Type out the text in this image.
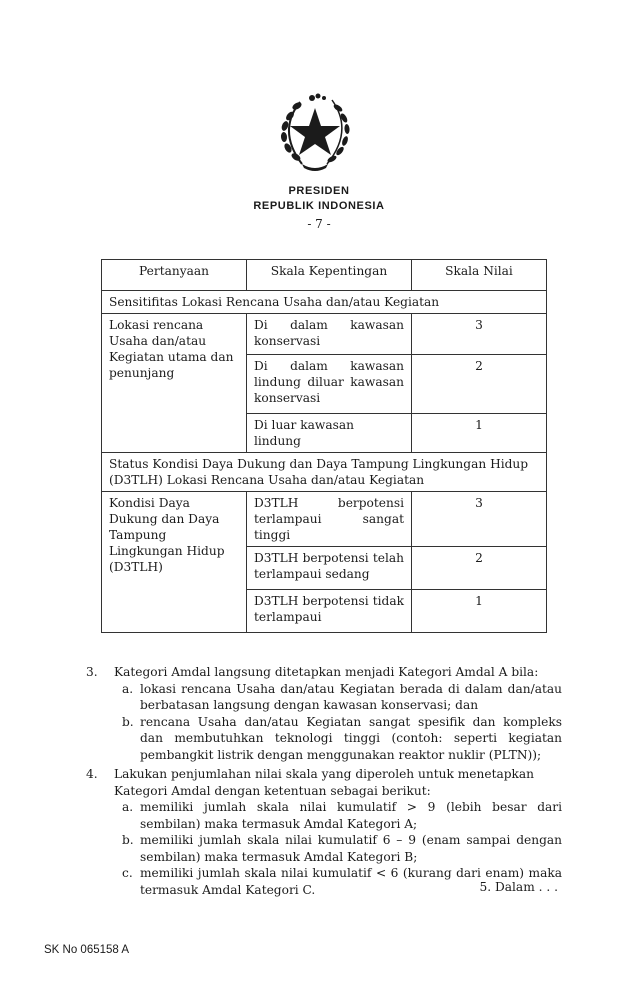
PRESIDEN
REPUBLIK INDONESIA
- 7 -
Pertanyaan	Skala Kepentingan	Skala Nilai
Sensitifitas Lokasi Rencana Usaha dan/atau Kegiatan		
Lokasi rencana Usaha dan/atau Kegiatan utama dan penunjang	Di dalam kawasan konservasi	3
	Di dalam kawasan lindung diluar kawasan konservasi	2
	Di luar kawasan lindung	1
Status Kondisi Daya Dukung dan Daya Tampung Lingkungan Hidup (D3TLH) Lokasi Rencana Usaha dan/atau Kegiatan		
Kondisi Daya Dukung dan Daya Tampung Lingkungan Hidup (D3TLH)	D3TLH berpotensi terlampaui sangat tinggi	3
	D3TLH berpotensi telah terlampaui sedang	2
	D3TLH berpotensi tidak terlampaui	1
3.	Kategori Amdal langsung ditetapkan menjadi Kategori Amdal A bila:
a. lokasi rencana Usaha dan/atau Kegiatan berada di dalam dan/atau berbatasan langsung dengan kawasan konservasi; dan
b. rencana Usaha dan/atau Kegiatan sangat spesifik dan kompleks dan membutuhkan teknologi tinggi (contoh: seperti kegiatan pembangkit listrik dengan menggunakan reaktor nuklir (PLTN));
4.	Lakukan penjumlahan nilai skala yang diperoleh untuk menetapkan Kategori Amdal dengan ketentuan sebagai berikut:
a. memiliki jumlah skala nilai kumulatif > 9 (lebih besar dari sembilan) maka termasuk Amdal Kategori A;
b. memiliki jumlah skala nilai kumulatif 6 – 9 (enam sampai dengan sembilan) maka termasuk Amdal Kategori B;
c. memiliki jumlah skala nilai kumulatif < 6 (kurang dari enam) maka termasuk Amdal Kategori C.	5. Dalam . . .
SK No 065158 A
